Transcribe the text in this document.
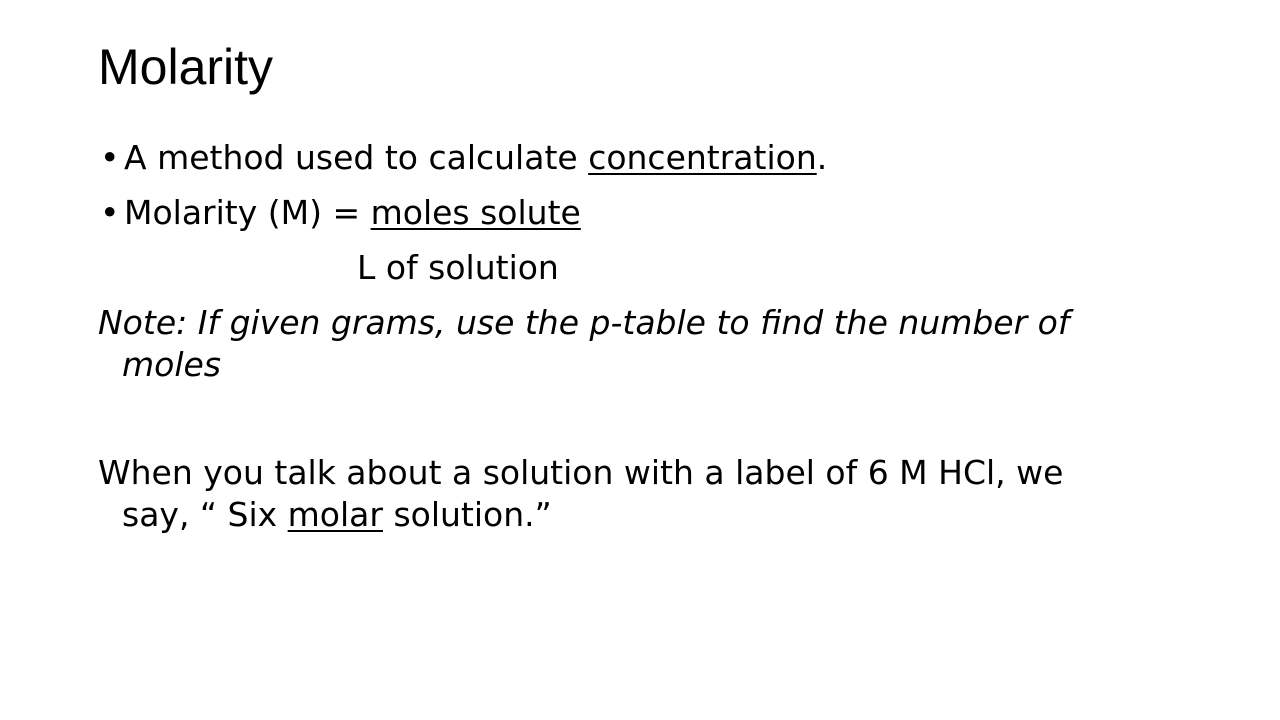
Molarity
• A method used to calculate concentration.
• Molarity (M) = moles solute
L of solution
Note: If given grams, use the p-table to find the number of
moles
When you talk about a solution with a label of 6 M HCl, we
say, “ Six molar solution.”
